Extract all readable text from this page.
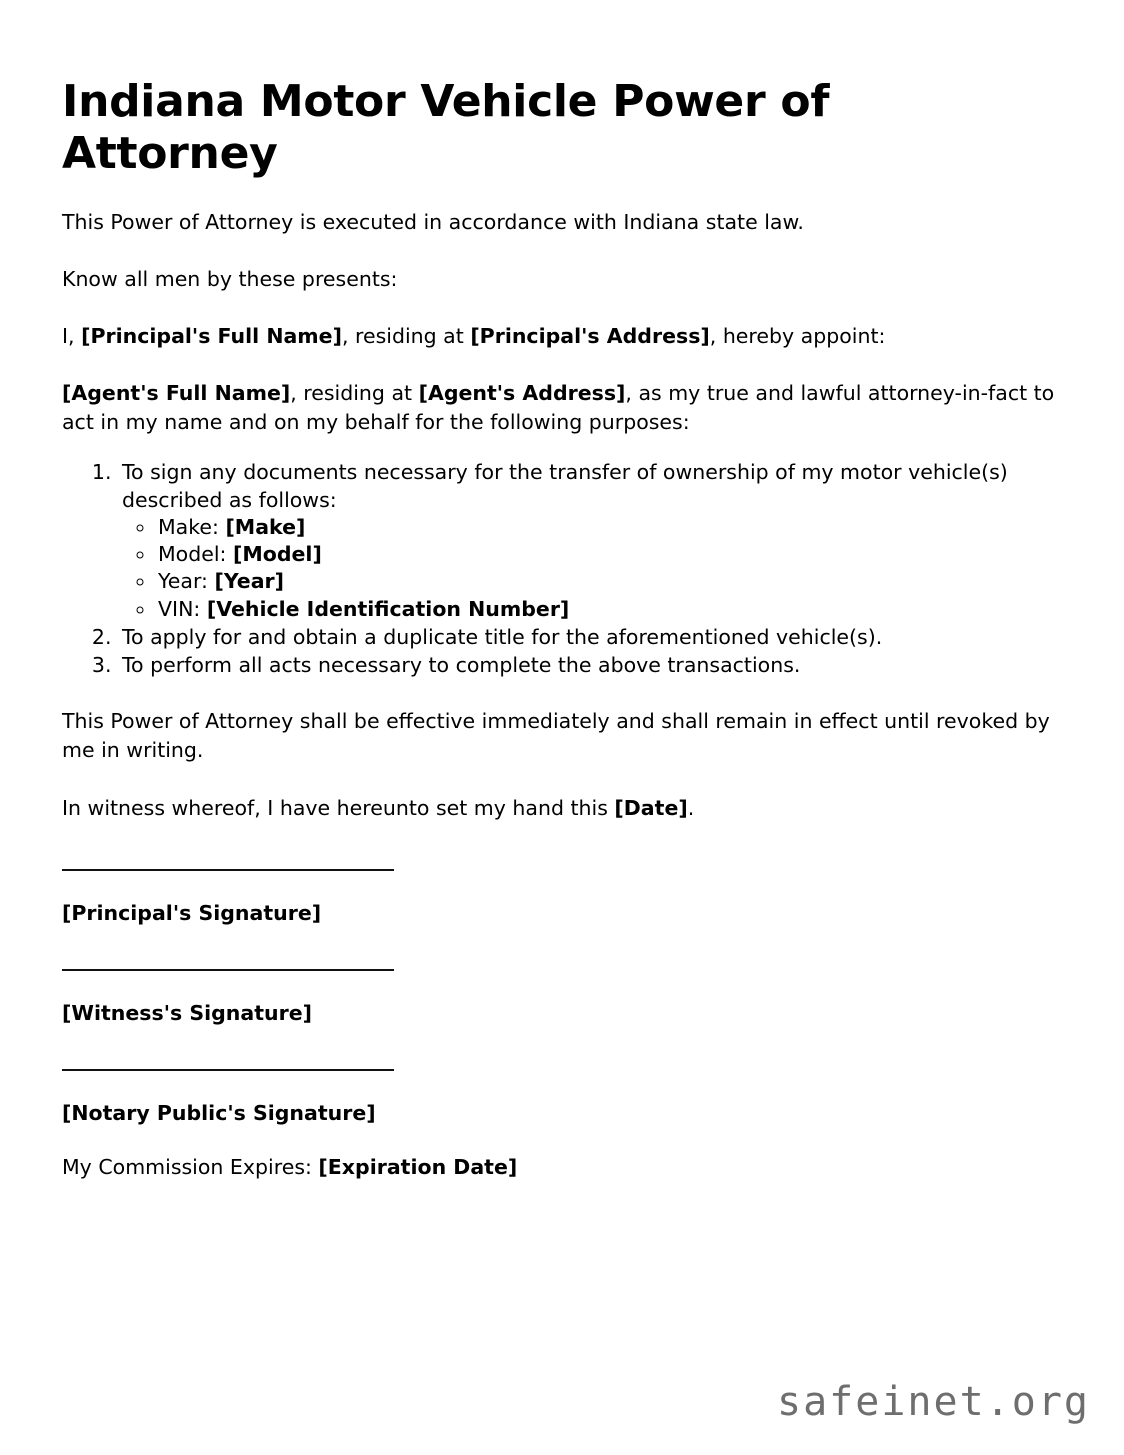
Indiana Motor Vehicle Power of Attorney

This Power of Attorney is executed in accordance with Indiana state law.

Know all men by these presents:

I, [Principal's Full Name], residing at [Principal's Address], hereby appoint:

[Agent's Full Name], residing at [Agent's Address], as my true and lawful attorney-in-fact to act in my name and on my behalf for the following purposes:

1. To sign any documents necessary for the transfer of ownership of my motor vehicle(s) described as follows:
◦ Make: [Make]
◦ Model: [Model]
◦ Year: [Year]
◦ VIN: [Vehicle Identification Number]
2. To apply for and obtain a duplicate title for the aforementioned vehicle(s).
3. To perform all acts necessary to complete the above transactions.

This Power of Attorney shall be effective immediately and shall remain in effect until revoked by me in writing.

In witness whereof, I have hereunto set my hand this [Date].

[Principal's Signature]
[Witness's Signature]
[Notary Public's Signature]

My Commission Expires: [Expiration Date]

safeinet.org
